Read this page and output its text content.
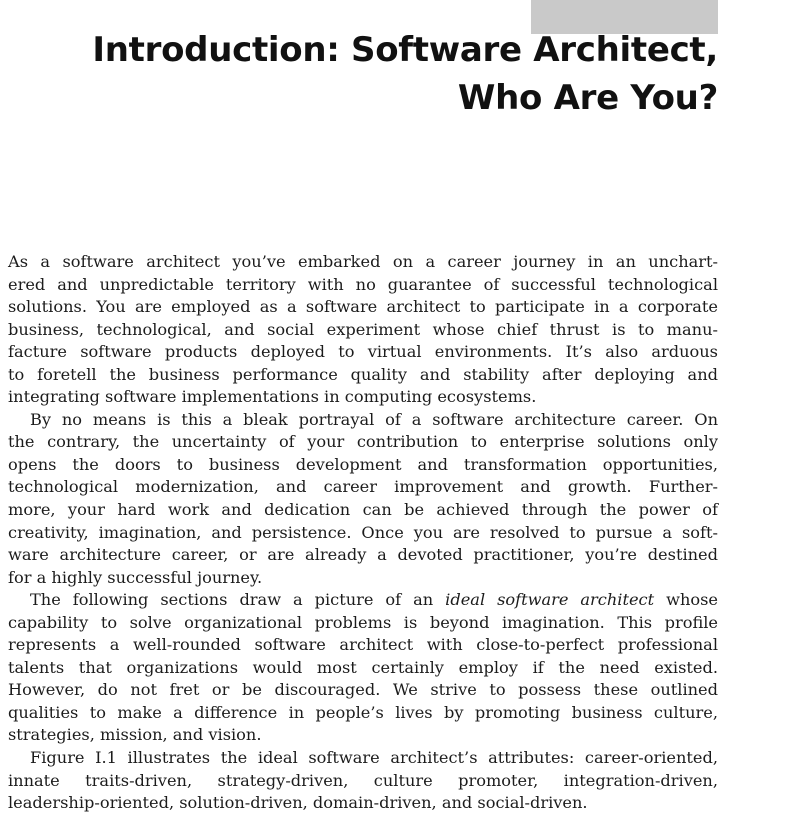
Introduction: Software Architect,
Who Are You?
As a software architect you’ve embarked on a career journey in an unchart-
ered and unpredictable territory with no guarantee of successful technological
solutions. You are employed as a software architect to participate in a corporate
business, technological, and social experiment whose chief thrust is to manu-
facture software products deployed to virtual environments. It’s also arduous
to foretell the business performance quality and stability after deploying and
integrating software implementations in computing ecosystems.
By no means is this a bleak portrayal of a software architecture career. On
the contrary, the uncertainty of your contribution to enterprise solutions only
opens the doors to business development and transformation opportunities,
technological modernization, and career improvement and growth. Further-
more, your hard work and dedication can be achieved through the power of
creativity, imagination, and persistence. Once you are resolved to pursue a soft-
ware architecture career, or are already a devoted practitioner, you’re destined
for a highly successful journey.
The following sections draw a picture of an ideal software architect whose
capability to solve organizational problems is beyond imagination. This profile
represents a well-rounded software architect with close-to-perfect professional
talents that organizations would most certainly employ if the need existed.
However, do not fret or be discouraged. We strive to possess these outlined
qualities to make a difference in people’s lives by promoting business culture,
strategies, mission, and vision.
Figure I.1 illustrates the ideal software architect’s attributes: career-oriented,
innate traits-driven, strategy-driven, culture promoter, integration-driven,
leadership-oriented, solution-driven, domain-driven, and social-driven.
